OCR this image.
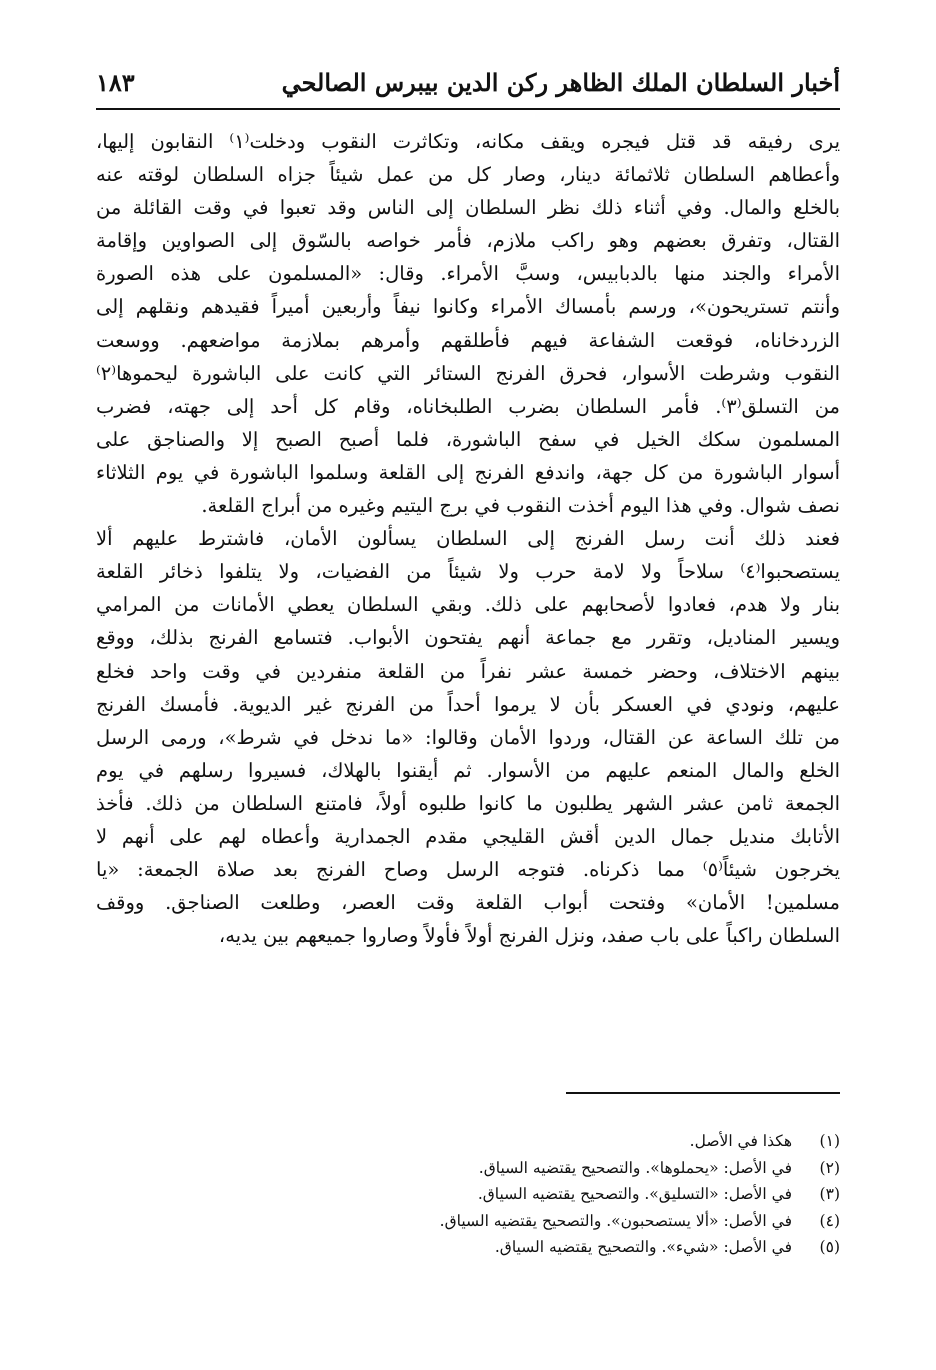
أخبار السلطان الملك الظاهر ركن الدين بيبرس الصالحي
١٨٣
يرى رفيقه قد قتل فيجره ويقف مكانه، وتكاثرت النقوب ودخلت⁽١⁾ النقابون إليها،
وأعطاهم السلطان ثلاثمائة دينار، وصار كل من عمل شيئاً جزاه السلطان لوقته عنه
بالخلع والمال. وفي أثناء ذلك نظر السلطان إلى الناس وقد تعبوا في وقت القائلة من
القتال، وتفرق بعضهم وهو راكب ملازم، فأمر خواصه بالسّوق إلى الصواوين وإقامة
الأمراء والجند منها بالدبابيس، وسبَّ الأمراء. وقال: «المسلمون على هذه الصورة
وأنتم تستريحون»، ورسم بأمساك الأمراء وكانوا نيفاً وأربعين أميراً فقيدهم ونقلهم إلى
الزردخاناه، فوقعت الشفاعة فيهم فأطلقهم وأمرهم بملازمة مواضعهم. ووسعت
النقوب وشرطت الأسوار، فحرق الفرنج الستائر التي كانت على الباشورة ليحموها⁽٢⁾
من التسلق⁽٣⁾. فأمر السلطان بضرب الطلبخاناه، وقام كل أحد إلى جهته، فضرب
المسلمون سكك الخيل في سفح الباشورة، فلما أصبح الصبح إلا والصناجق على
أسوار الباشورة من كل جهة، واندفع الفرنج إلى القلعة وسلموا الباشورة في يوم الثلاثاء
نصف شوال. وفي هذا اليوم أخذت النقوب في برج اليتيم وغيره من أبراج القلعة.
فعند ذلك أنت رسل الفرنج إلى السلطان يسألون الأمان، فاشترط عليهم ألا
يستصحبوا⁽٤⁾ سلاحاً ولا لامة حرب ولا شيئاً من الفضيات، ولا يتلفوا ذخائر القلعة
بنار ولا هدم، فعادوا لأصحابهم على ذلك. وبقي السلطان يعطي الأمانات من المرامي
ويسير المناديل، وتقرر مع جماعة أنهم يفتحون الأبواب. فتسامع الفرنج بذلك، ووقع
بينهم الاختلاف، وحضر خمسة عشر نفراً من القلعة منفردين في وقت واحد فخلع
عليهم، ونودي في العسكر بأن لا يرموا أحداً من الفرنج غير الديوية. فأمسك الفرنج
من تلك الساعة عن القتال، وردوا الأمان وقالوا: «ما ندخل في شرط»، ورمى الرسل
الخلع والمال المنعم عليهم من الأسوار. ثم أيقنوا بالهلاك، فسيروا رسلهم في يوم
الجمعة ثامن عشر الشهر يطلبون ما كانوا طلبوه أولاً، فامتنع السلطان من ذلك. فأخذ
الأتابك منديل جمال الدين أقش القليجي مقدم الجمدارية وأعطاه لهم على أنهم لا
يخرجون شيئاً⁽٥⁾ مما ذكرناه. فتوجه الرسل وصاح الفرنج بعد صلاة الجمعة: «يا
مسلمين! الأمان» وفتحت أبواب القلعة وقت العصر، وطلعت الصناجق. ووقف
السلطان راكباً على باب صفد، ونزل الفرنج أولاً فأولاً وصاروا جميعهم بين يديه،
(١)هكذا في الأصل.
(٢)في الأصل: «يحملوها». والتصحيح يقتضيه السياق.
(٣)في الأصل: «التسليق». والتصحيح يقتضيه السياق.
(٤)في الأصل: «ألا يستصحبون». والتصحيح يقتضيه السياق.
(٥)في الأصل: «شيء». والتصحيح يقتضيه السياق.
